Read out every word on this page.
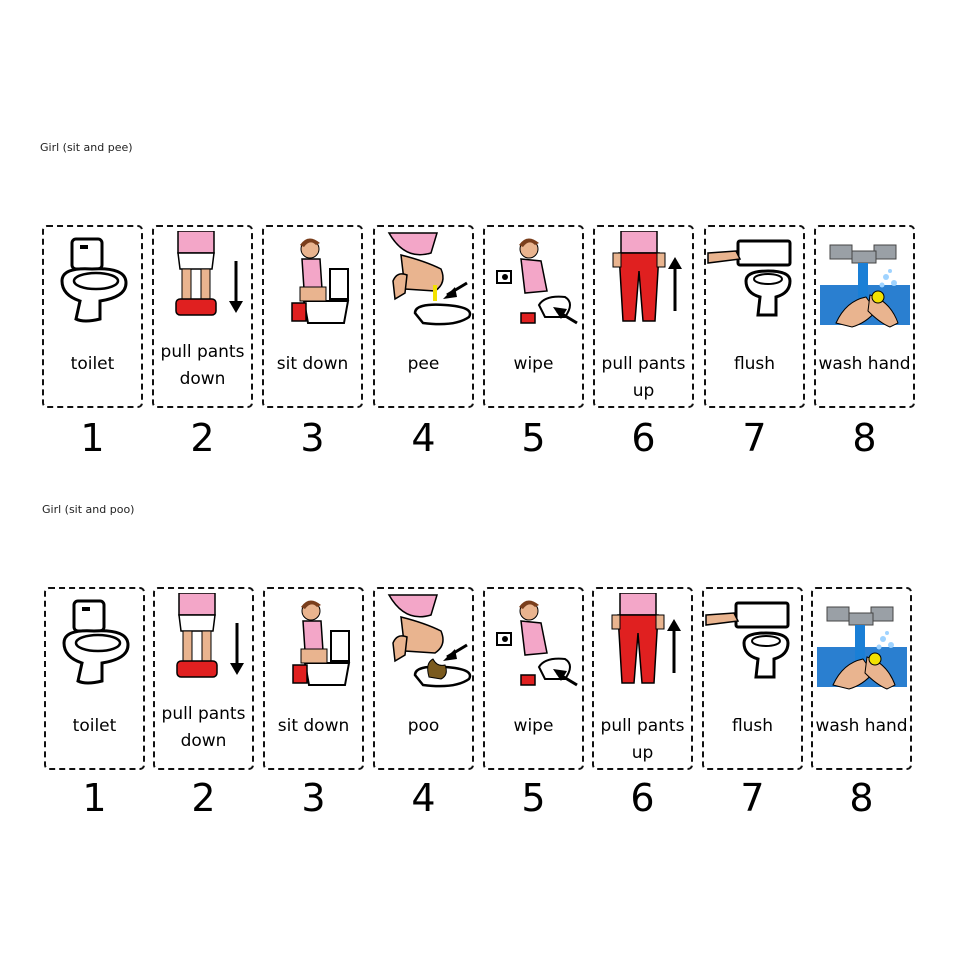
Girl (sit and pee)
toilet
pull pants down
sit down	pee	wipe	pull pants up
flush	wash hand
1	2	3	4	5	6	7	8
Girl (sit and poo)
toilet
pull pants down
sit down	poo	wipe	pull pants up
flush	wash hand
1	2	3	4	5	6	7	8
